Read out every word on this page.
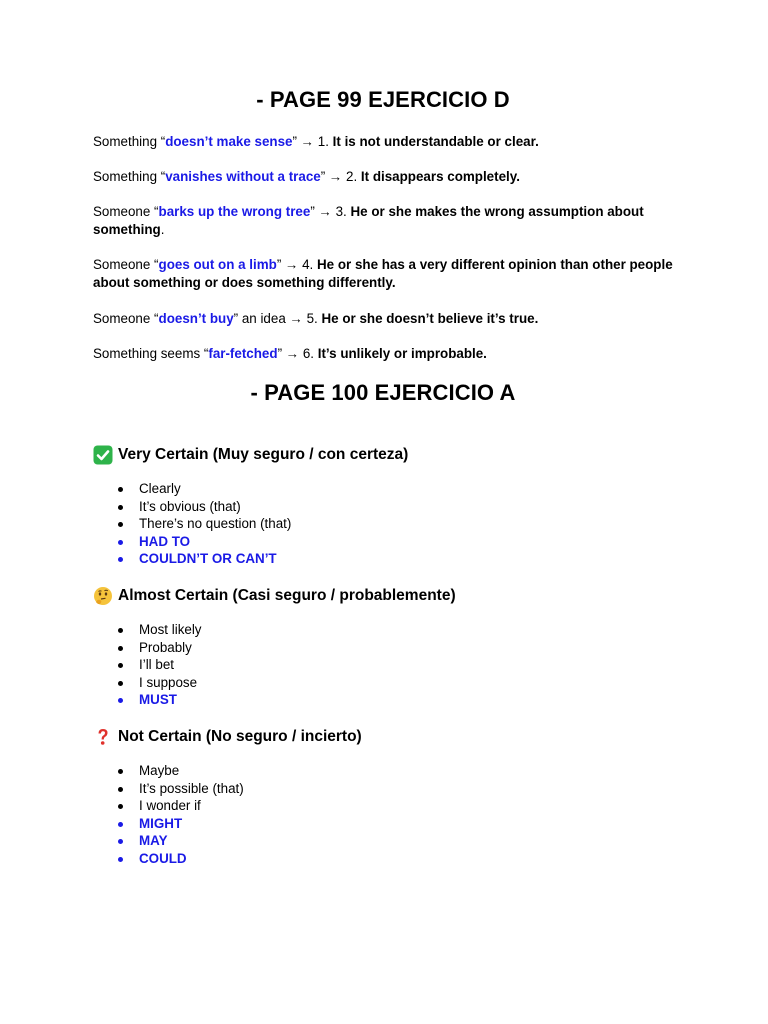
- PAGE 99 EJERCICIO D
Something “doesn’t make sense” → 1. It is not understandable or clear.
Something “vanishes without a trace” → 2. It disappears completely.
Someone “barks up the wrong tree” → 3. He or she makes the wrong assumption about something.
Someone “goes out on a limb” → 4. He or she has a very different opinion than other people about something or does something differently.
Someone “doesn’t buy” an idea → 5. He or she doesn’t believe it’s true.
Something seems “far-fetched” → 6. It’s unlikely or improbable.
- PAGE 100 EJERCICIO A
Very Certain (Muy seguro / con certeza)
Clearly
It’s obvious (that)
There’s no question (that)
HAD TO
COULDN’T OR CAN’T
Almost Certain (Casi seguro / probablemente)
Most likely
Probably
I’ll bet
I suppose
MUST
Not Certain (No seguro / incierto)
Maybe
It’s possible (that)
I wonder if
MIGHT
MAY
COULD
